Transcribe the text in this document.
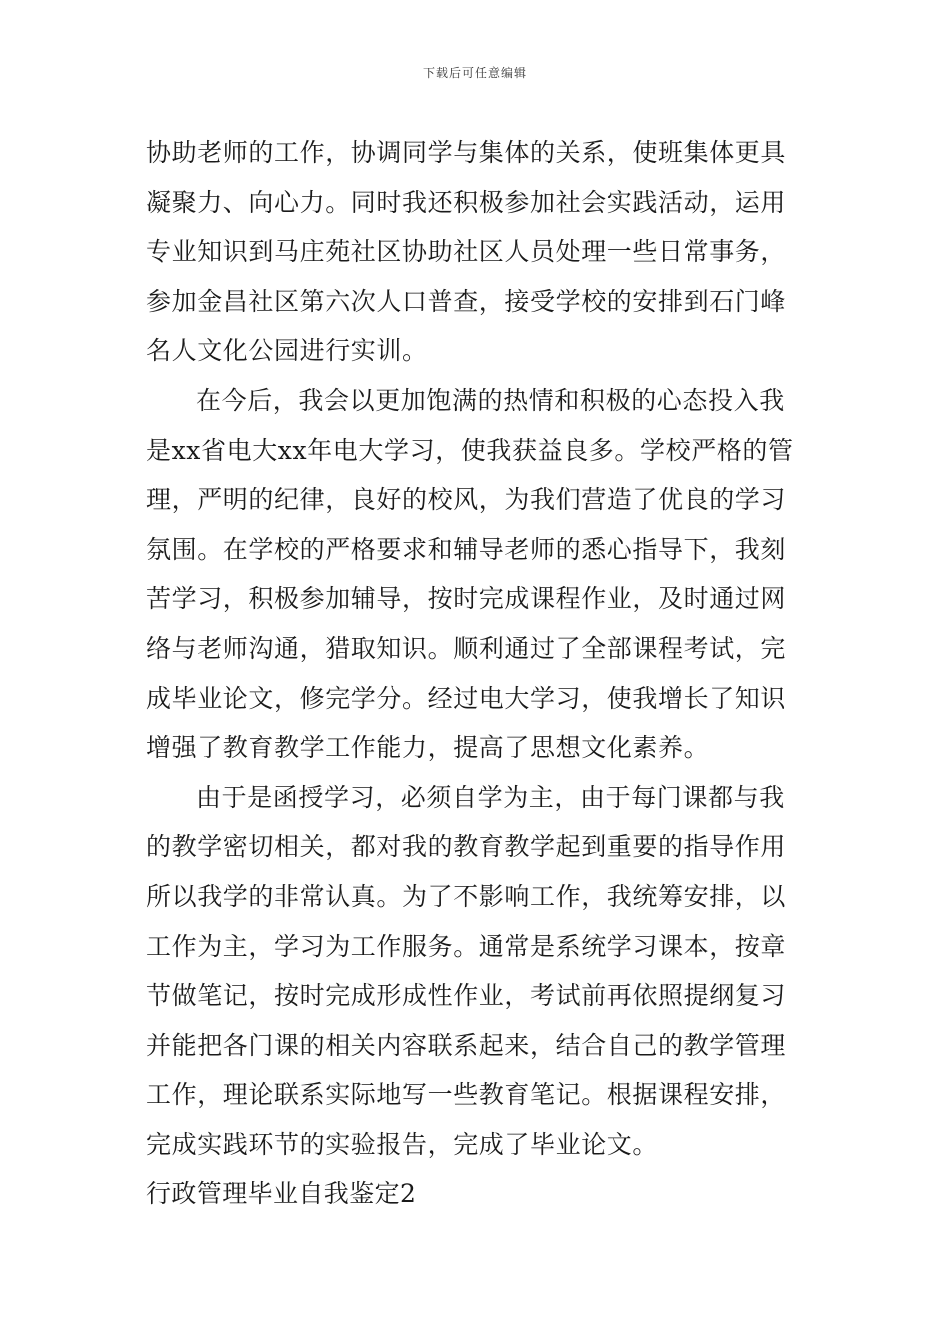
下载后可任意编辑
协助老师的工作，协调同学与集体的关系，使班集体更具
凝聚力、向心力。同时我还积极参加社会实践活动，运用
专业知识到马庄苑社区协助社区人员处理一些日常事务，
参加金昌社区第六次人口普查，接受学校的安排到石门峰
名人文化公园进行实训。
在今后，我会以更加饱满的热情和积极的心态投入我
是xx省电大xx年电大学习，使我获益良多。学校严格的管
理，严明的纪律，良好的校风，为我们营造了优良的学习
氛围。在学校的严格要求和辅导老师的悉心指导下，我刻
苦学习，积极参加辅导，按时完成课程作业，及时通过网
络与老师沟通，猎取知识。顺利通过了全部课程考试，完
成毕业论文，修完学分。经过电大学习，使我增长了知识
增强了教育教学工作能力，提高了思想文化素养。
由于是函授学习，必须自学为主，由于每门课都与我
的教学密切相关，都对我的教育教学起到重要的指导作用
所以我学的非常认真。为了不影响工作，我统筹安排，以
工作为主，学习为工作服务。通常是系统学习课本，按章
节做笔记，按时完成形成性作业，考试前再依照提纲复习
并能把各门课的相关内容联系起来，结合自己的教学管理
工作，理论联系实际地写一些教育笔记。根据课程安排，
完成实践环节的实验报告，完成了毕业论文。
行政管理毕业自我鉴定2
